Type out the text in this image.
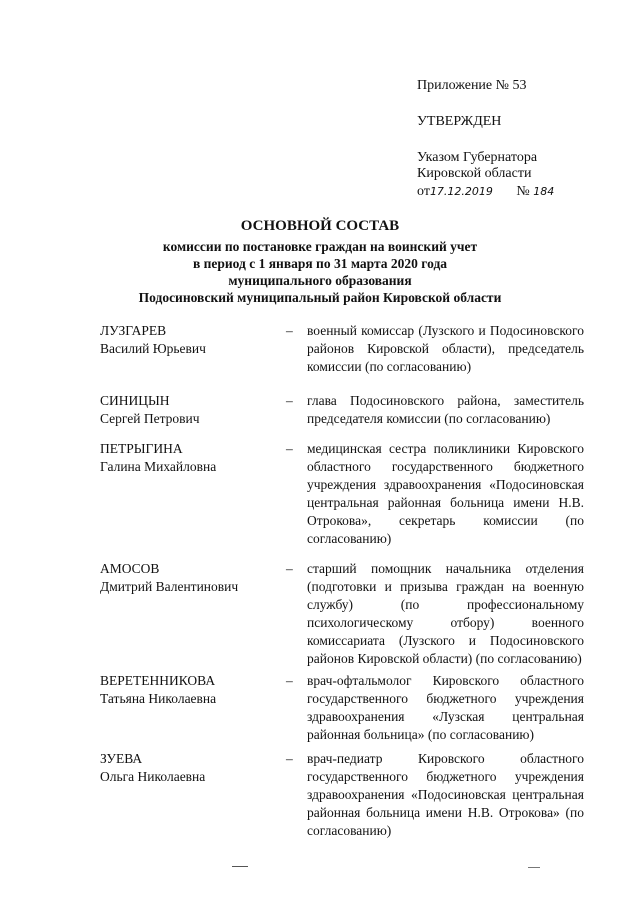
Приложение № 53
УТВЕРЖДЕН
Указом Губернатора
Кировской области
от17.12.2019 № 184
ОСНОВНОЙ СОСТАВ
комиссии по постановке граждан на воинский учет
в период с 1 января по 31 марта 2020 года
муниципального образования
Подосиновский муниципальный район Кировской области
ЛУЗГАРЕВ
Василий Юрьевич
– военный комиссар (Лузского и Подосиновского районов Кировской области), председатель комиссии (по согласованию)
СИНИЦЫН
Сергей Петрович
– глава Подосиновского района, заместитель председателя комиссии (по согласованию)
ПЕТРЫГИНА
Галина Михайловна
– медицинская сестра поликлиники Кировского областного государственного бюджетного учреждения здравоохранения «Подосиновская центральная районная больница имени Н.В. Отрокова», секретарь комиссии (по согласованию)
АМОСОВ
Дмитрий Валентинович
– старший помощник начальника отделения (подготовки и призыва граждан на военную службу) (по профессиональному психологическому отбору) военного комиссариата (Лузского и Подосиновского районов Кировской области) (по согласованию)
ВЕРЕТЕННИКОВА
Татьяна Николаевна
– врач-офтальмолог Кировского областного государственного бюджетного учреждения здравоохранения «Лузская центральная районная больница» (по согласованию)
ЗУЕВА
Ольга Николаевна
– врач-педиатр Кировского областного государственного бюджетного учреждения здравоохранения «Подосиновская центральная районная больница имени Н.В. Отрокова» (по согласованию)
